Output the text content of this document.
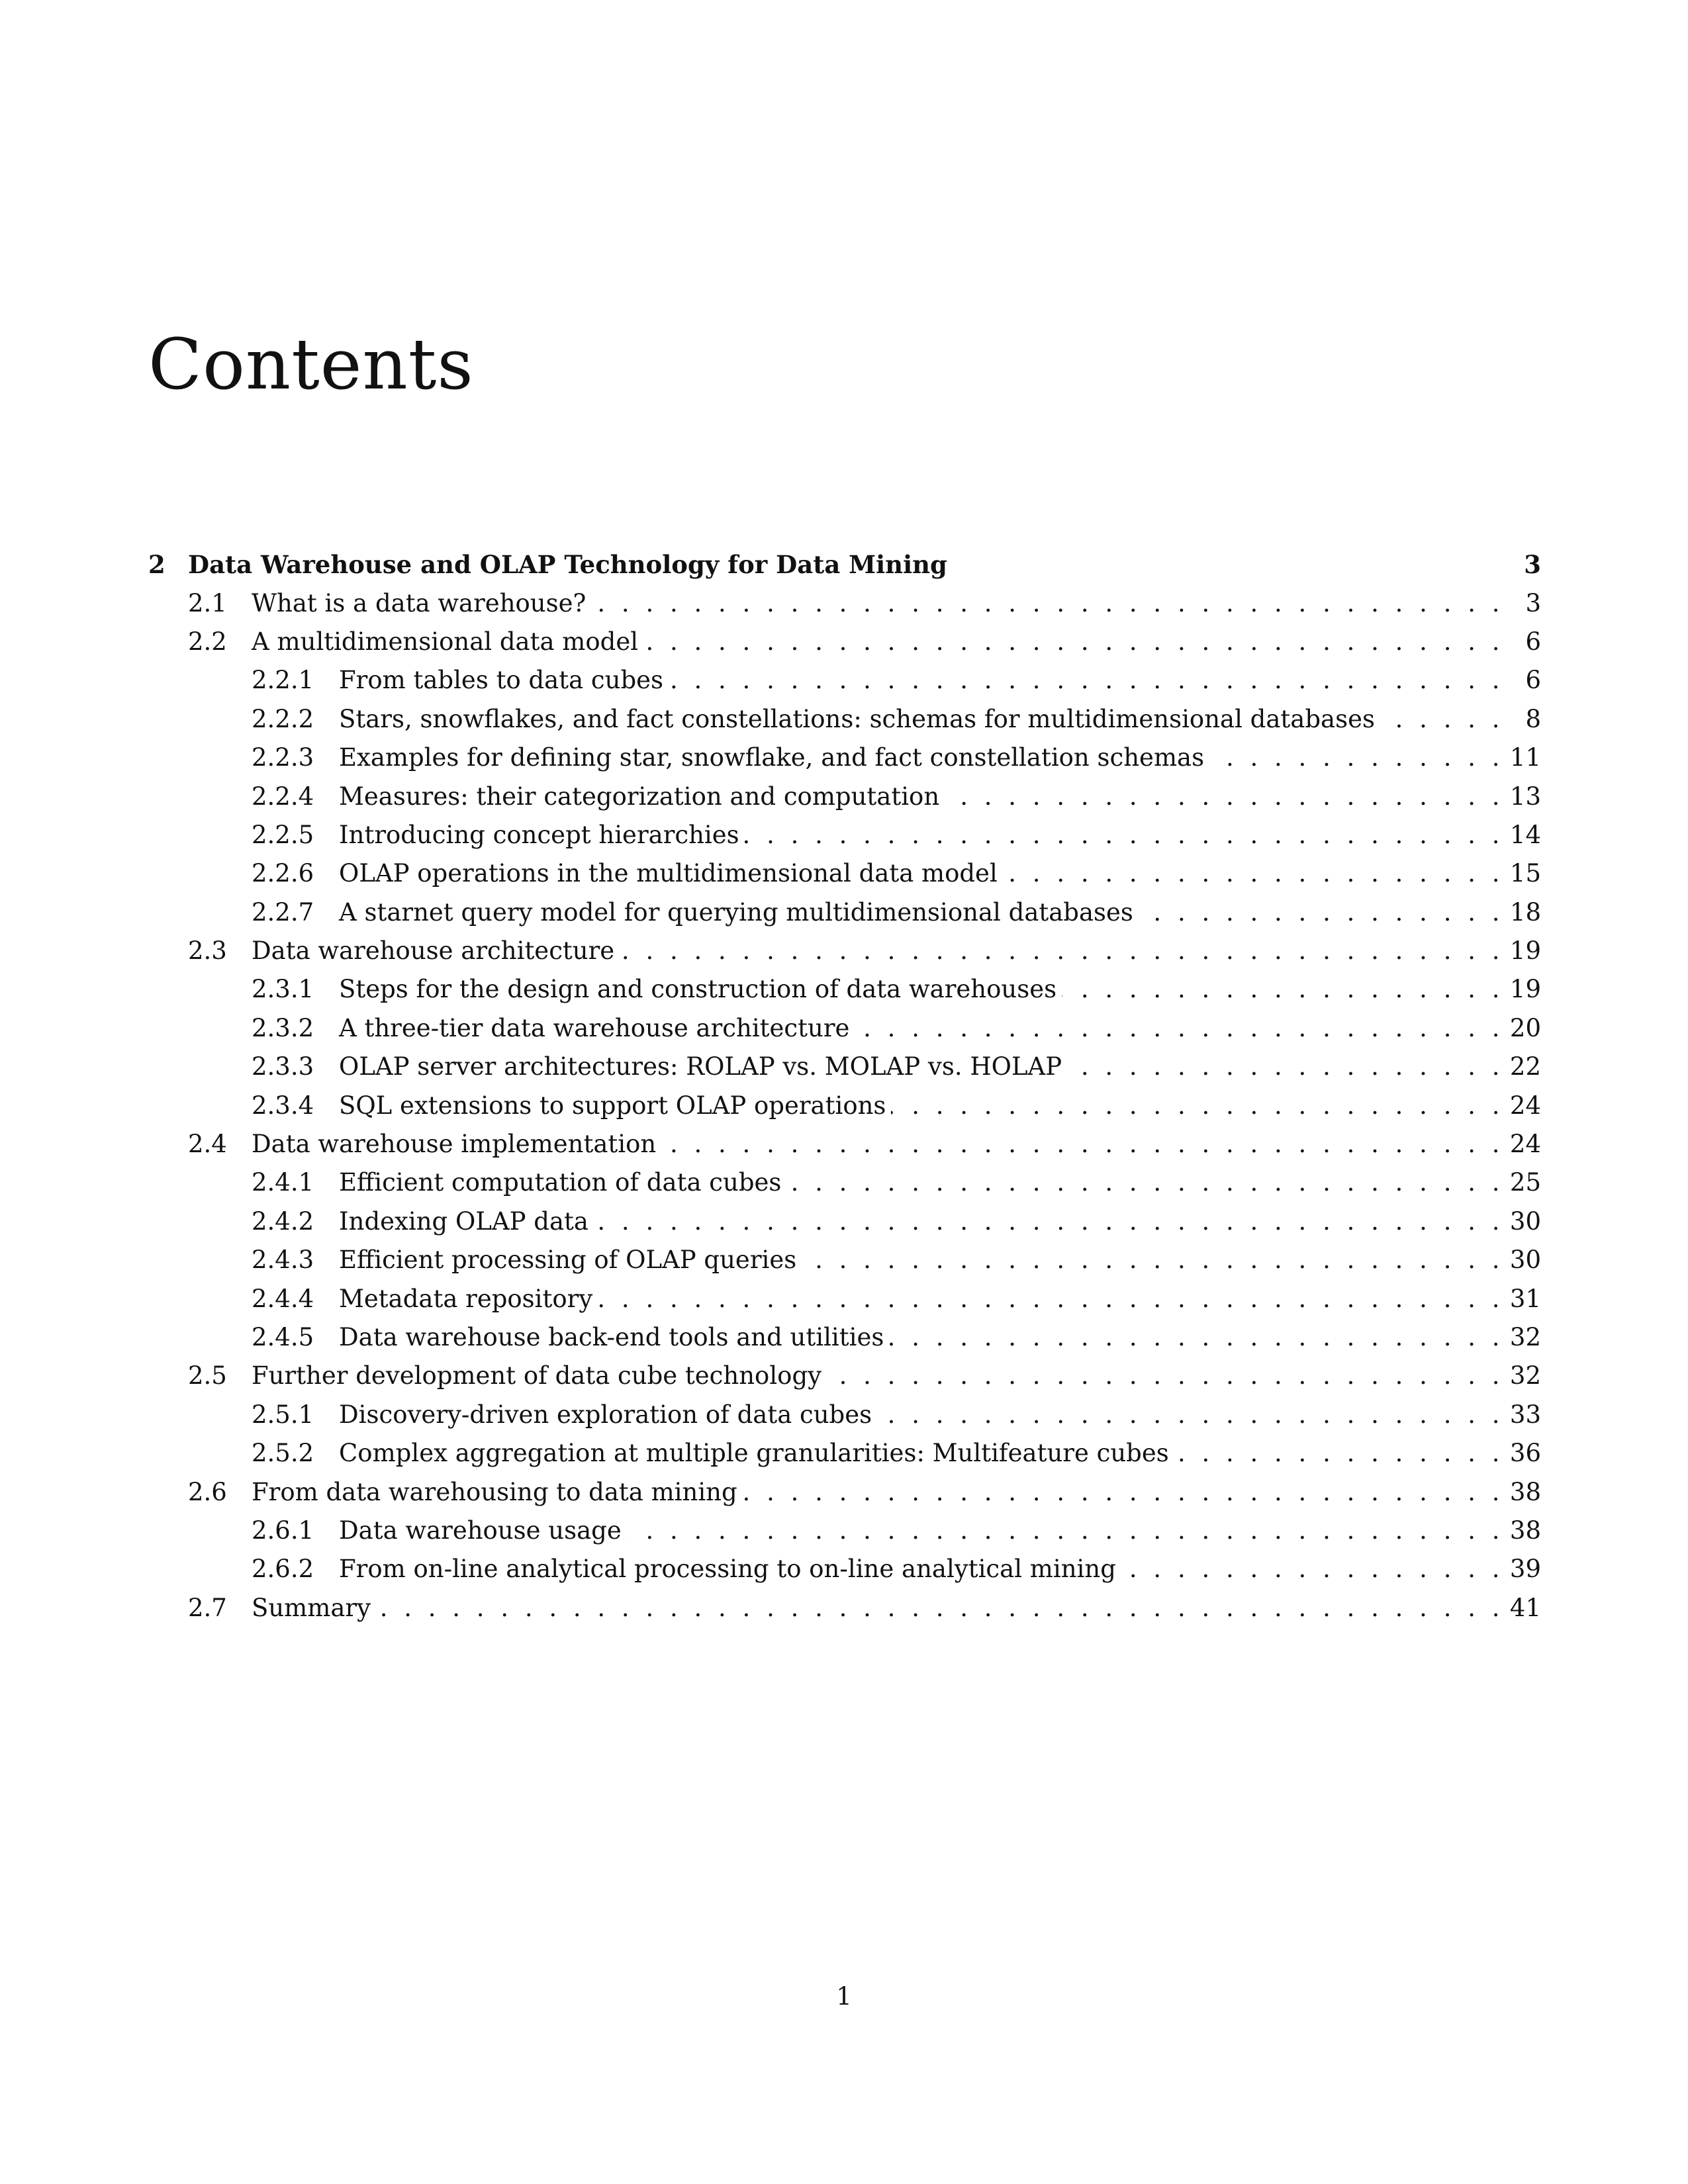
Contents
2 Data Warehouse and OLAP Technology for Data Mining	3
2.1	What is a data warehouse? . . .	3
2.2	A multidimensional data model . . .	6
2.2.1	From tables to data cubes . . .	6
2.2.2	Stars, snowflakes, and fact constellations: schemas for multidimensional databases . . .	8
2.2.3	Examples for defining star, snowflake, and fact constellation schemas . . .	11
2.2.4	Measures: their categorization and computation . . .	13
2.2.5	Introducing concept hierarchies . . .	14
2.2.6	OLAP operations in the multidimensional data model . . .	15
2.2.7	A starnet query model for querying multidimensional databases . . .	18
2.3	Data warehouse architecture . . .	19
2.3.1	Steps for the design and construction of data warehouses . . .	19
2.3.2	A three-tier data warehouse architecture . . .	20
2.3.3	OLAP server architectures: ROLAP vs. MOLAP vs. HOLAP . . .	22
2.3.4	SQL extensions to support OLAP operations . . .	24
2.4	Data warehouse implementation . . .	24
2.4.1	Efficient computation of data cubes . . .	25
2.4.2	Indexing OLAP data . . .	30
2.4.3	Efficient processing of OLAP queries . . .	30
2.4.4	Metadata repository . . .	31
2.4.5	Data warehouse back-end tools and utilities . . .	32
2.5	Further development of data cube technology . . .	32
2.5.1	Discovery-driven exploration of data cubes . . .	33
2.5.2	Complex aggregation at multiple granularities: Multifeature cubes . . .	36
2.6	From data warehousing to data mining . . .	38
2.6.1	Data warehouse usage . . .	38
2.6.2	From on-line analytical processing to on-line analytical mining . . .	39
2.7	Summary . . .	41
1
